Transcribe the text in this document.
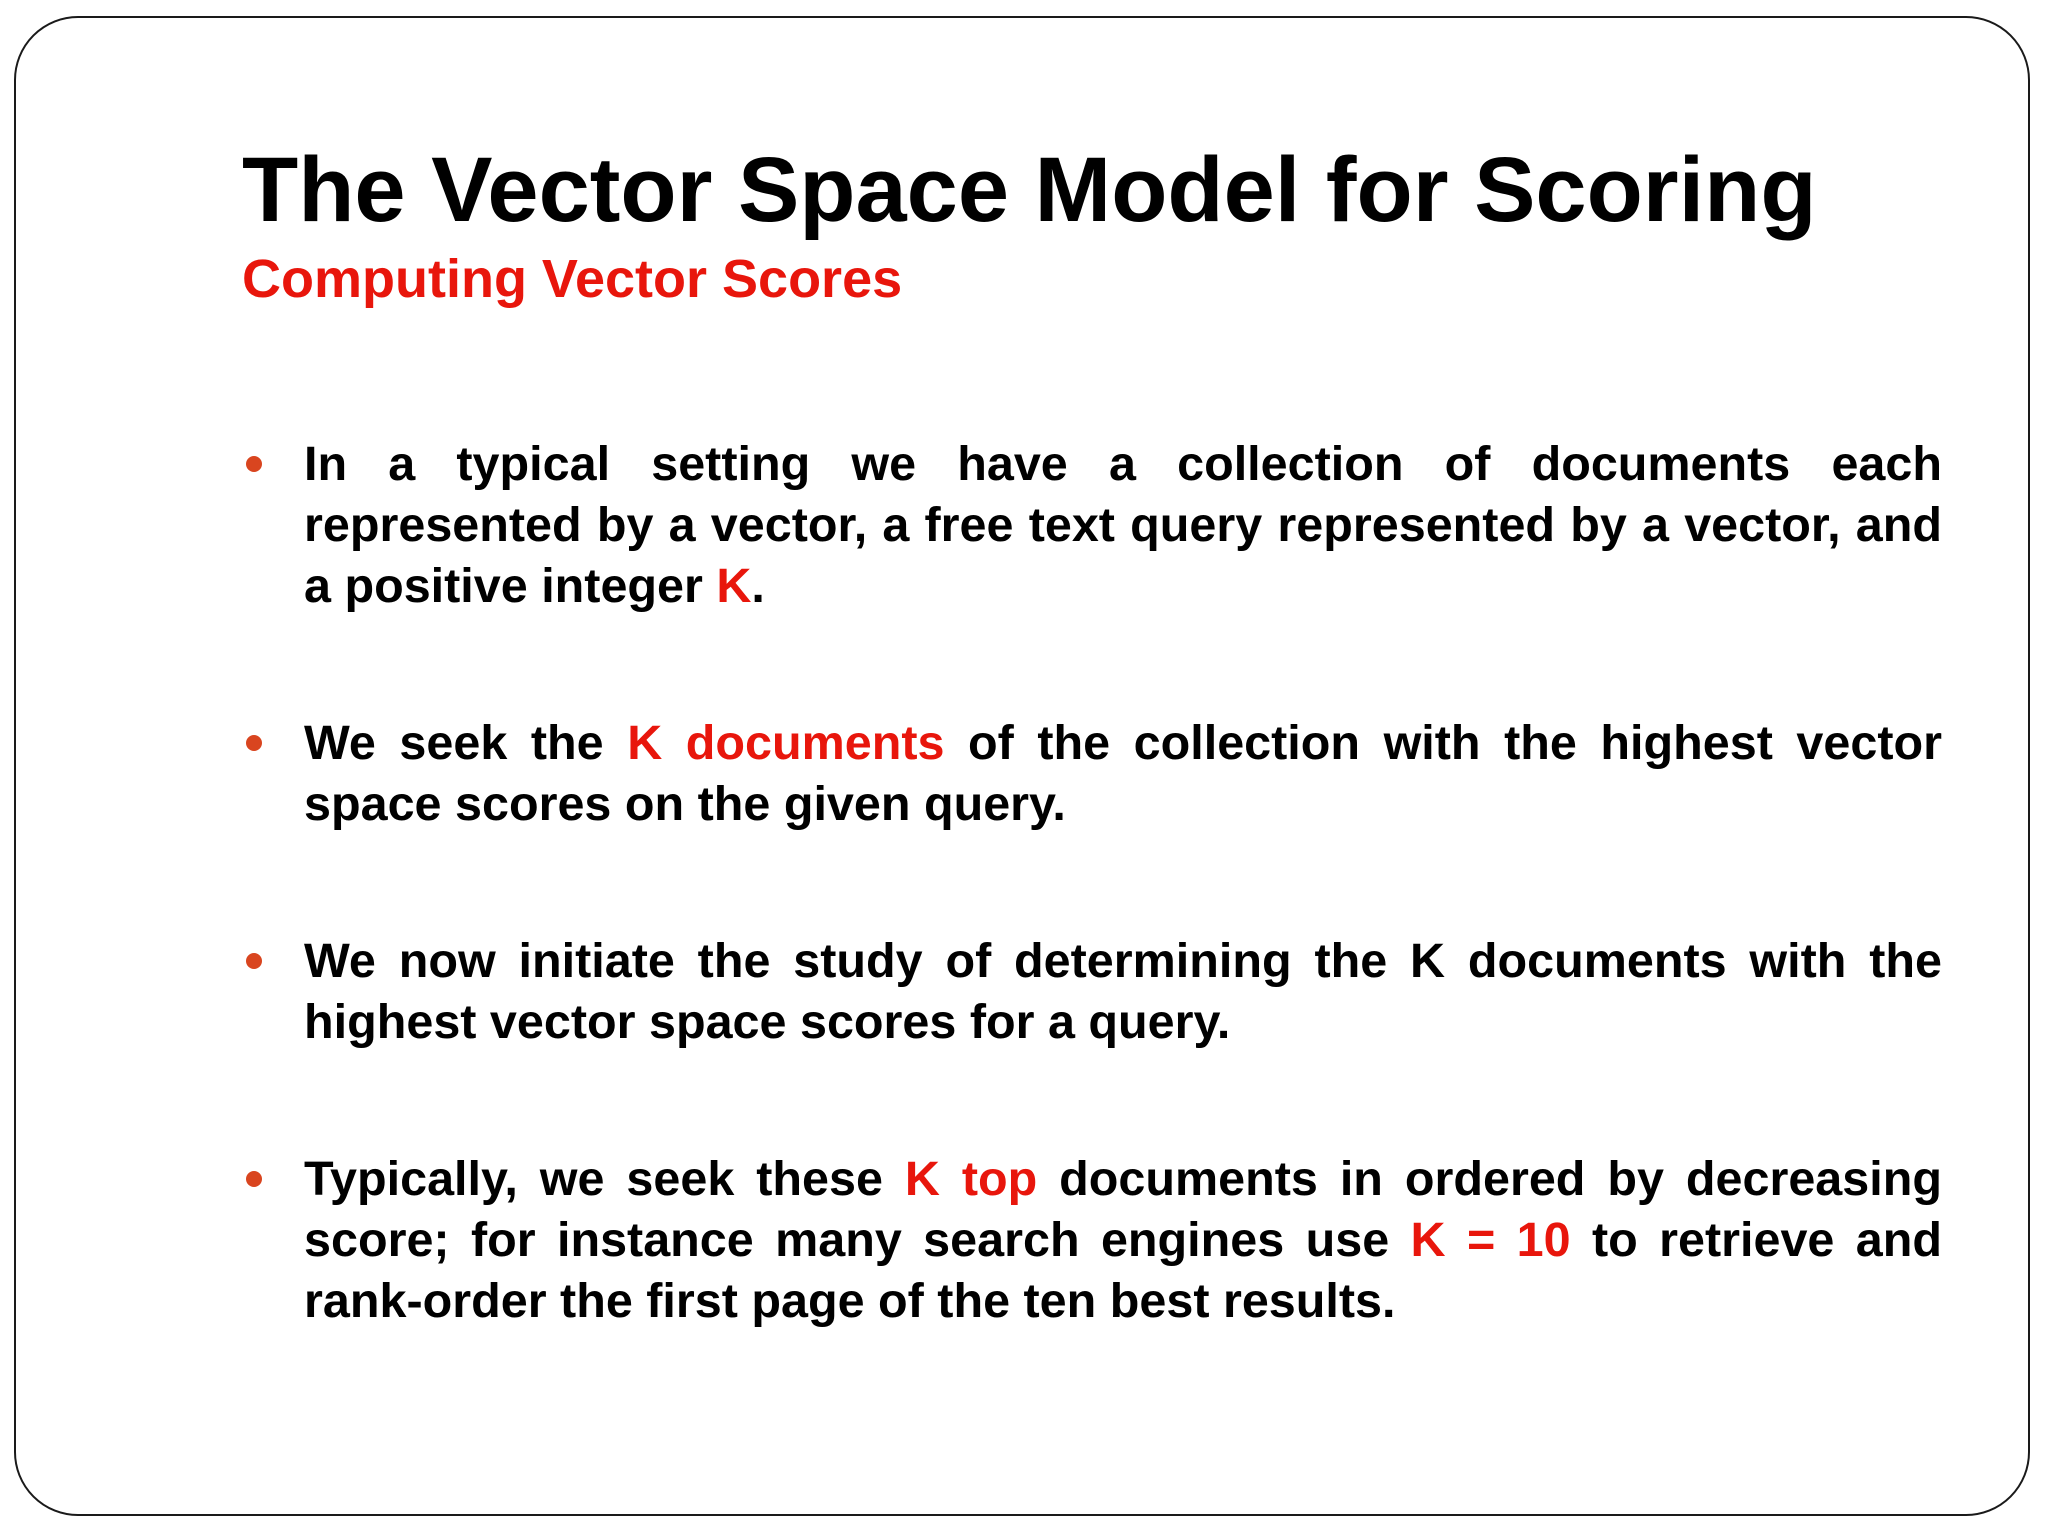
The Vector Space Model for Scoring
Computing Vector Scores
In a typical setting we have a collection of documents each represented by a vector, a free text query represented by a vector, and a positive integer K.
We seek the K documents of the collection with the highest vector space scores on the given query.
We now initiate the study of determining the K documents with the highest vector space scores for a query.
Typically, we seek these K top documents in ordered by decreasing score; for instance many search engines use K = 10 to retrieve and rank-order the first page of the ten best results.
